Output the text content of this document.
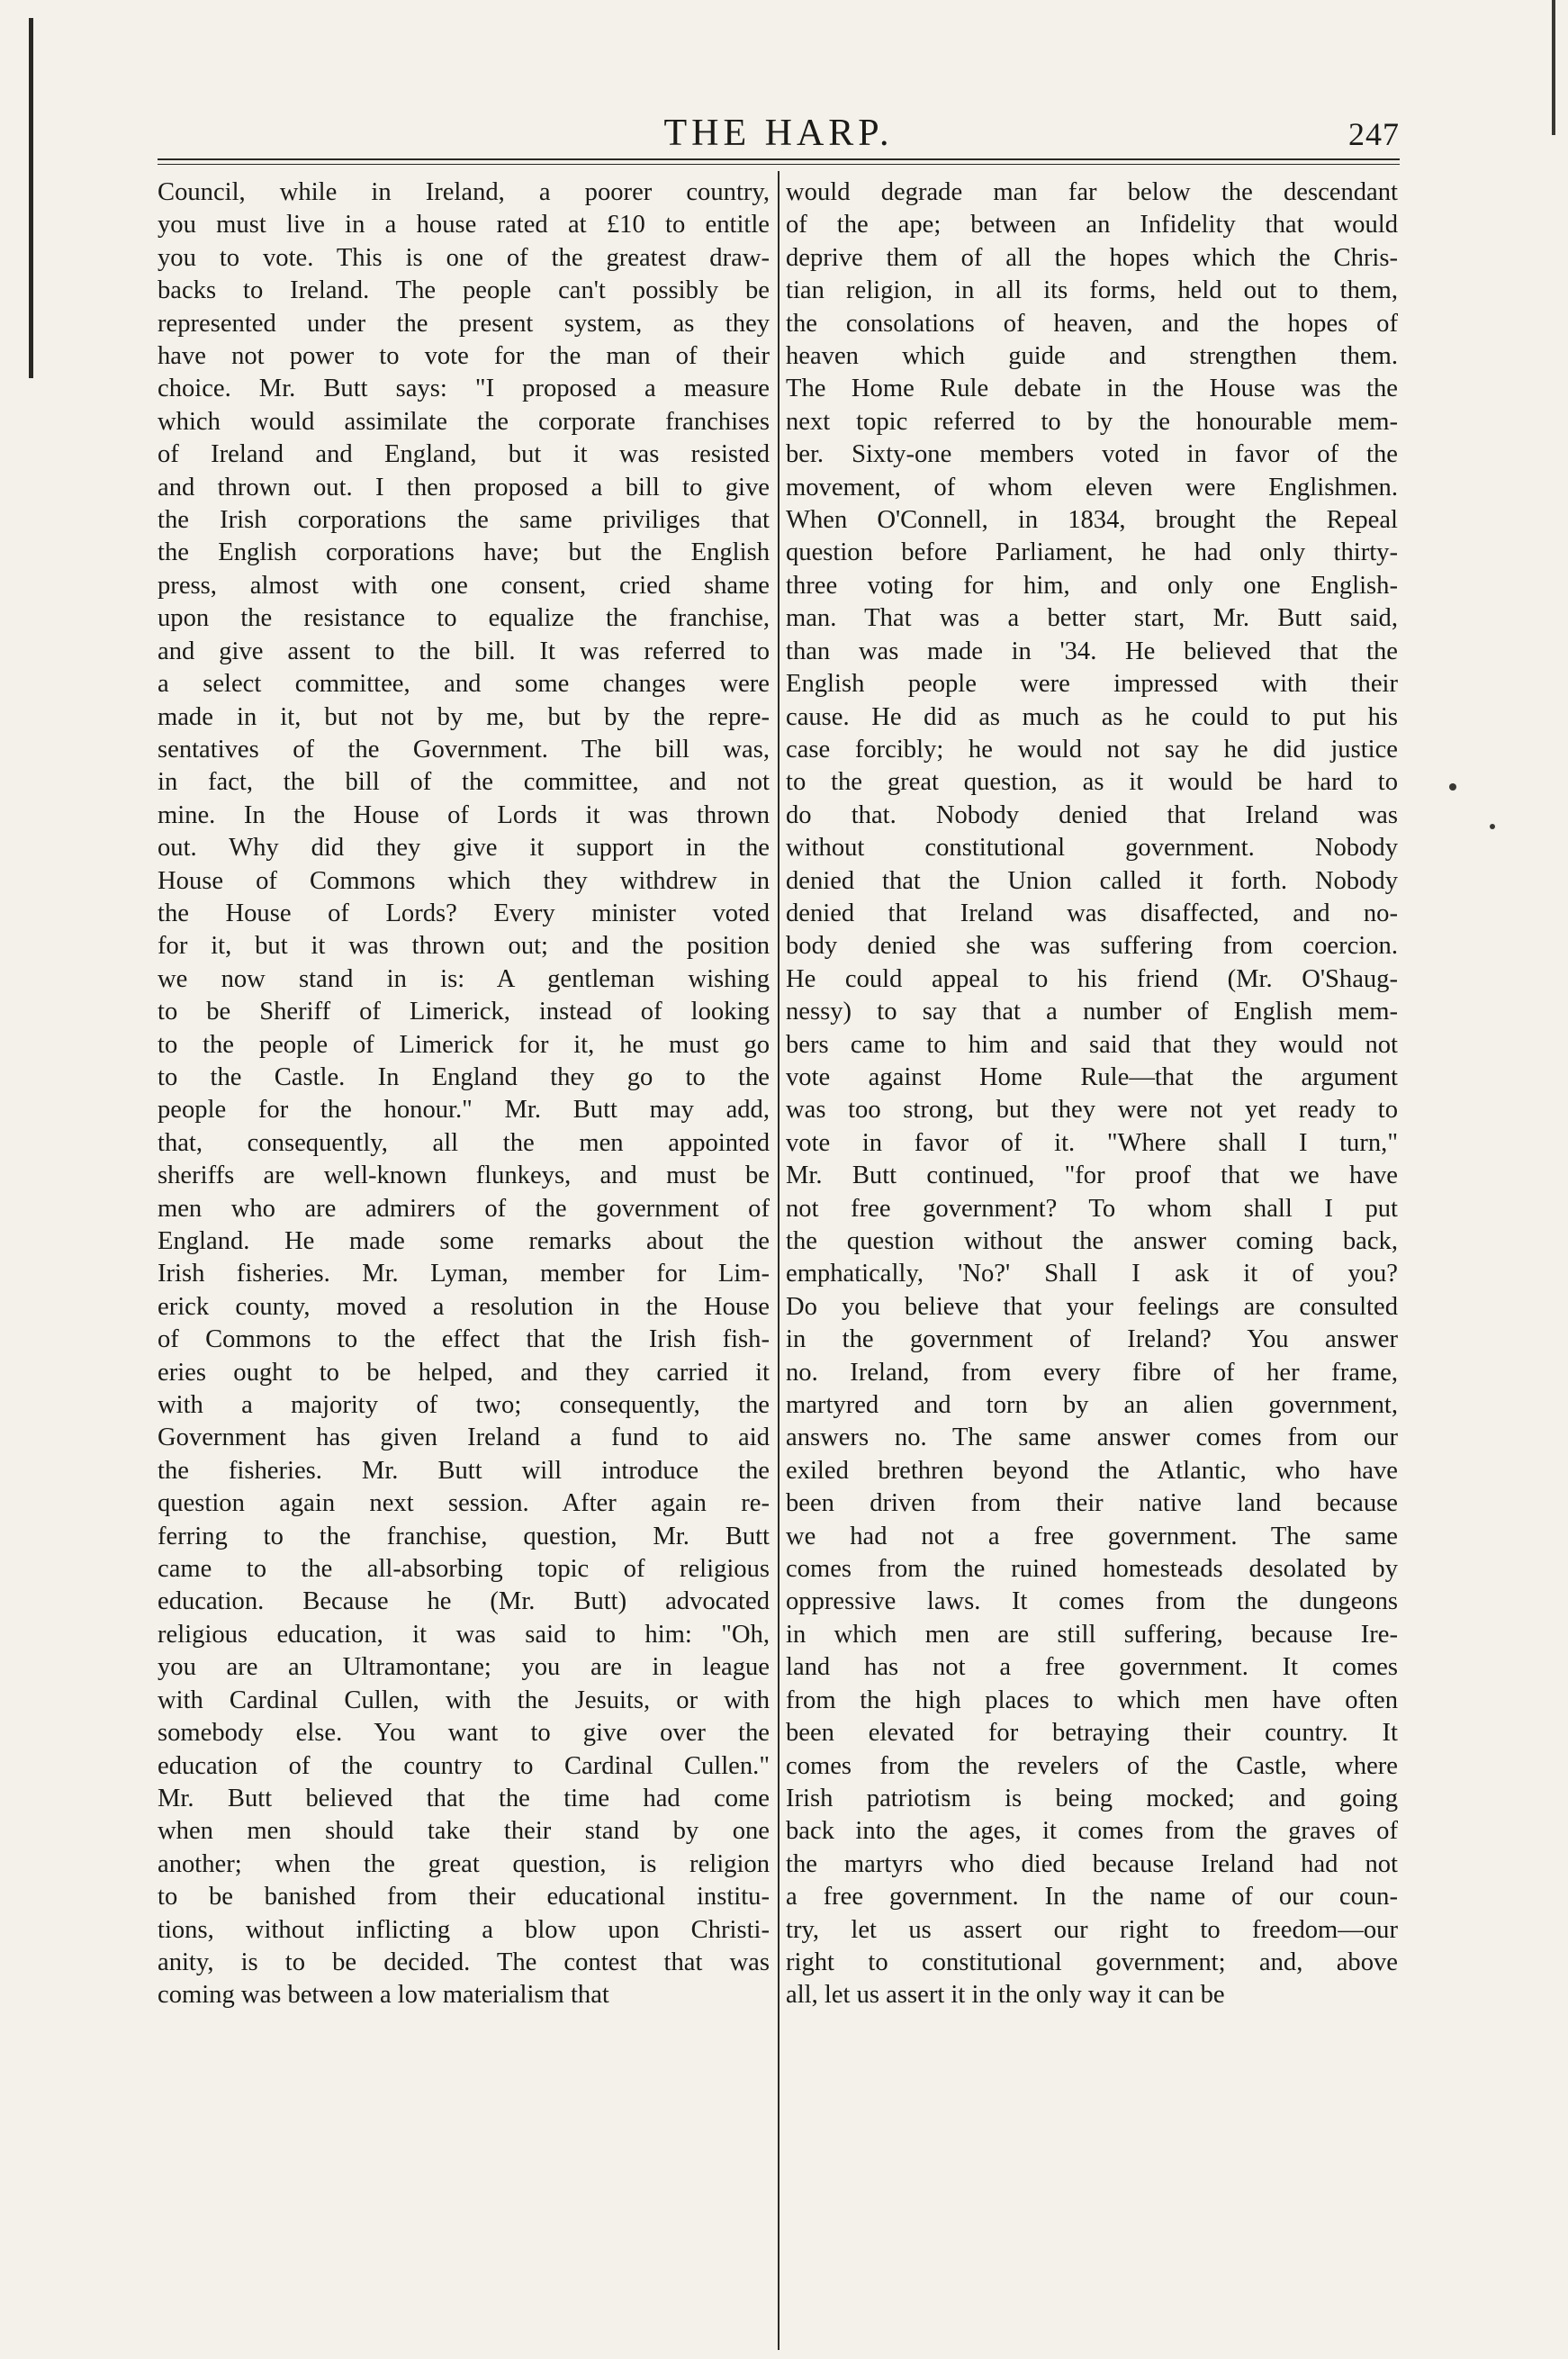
THE HARP.	247
Council, while in Ireland, a poorer country,
you must live in a house rated at £10 to entitle
you to vote. This is one of the greatest draw-
backs to Ireland. The people can't possibly be
represented under the present system, as they
have not power to vote for the man of their
choice. Mr. Butt says: "I proposed a measure
which would assimilate the corporate franchises
of Ireland and England, but it was resisted
and thrown out. I then proposed a bill to give
the Irish corporations the same priviliges that
the English corporations have; but the English
press, almost with one consent, cried shame
upon the resistance to equalize the franchise,
and give assent to the bill. It was referred to
a select committee, and some changes were
made in it, but not by me, but by the repre-
sentatives of the Government. The bill was,
in fact, the bill of the committee, and not
mine. In the House of Lords it was thrown
out. Why did they give it support in the
House of Commons which they withdrew in
the House of Lords? Every minister voted
for it, but it was thrown out; and the position
we now stand in is: A gentleman wishing
to be Sheriff of Limerick, instead of looking
to the people of Limerick for it, he must go
to the Castle. In England they go to the
people for the honour." Mr. Butt may add,
that, consequently, all the men appointed
sheriffs are well-known flunkeys, and must be
men who are admirers of the government of
England. He made some remarks about the
Irish fisheries. Mr. Lyman, member for Lim-
erick county, moved a resolution in the House
of Commons to the effect that the Irish fish-
eries ought to be helped, and they carried it
with a majority of two; consequently, the
Government has given Ireland a fund to aid
the fisheries. Mr. Butt will introduce the
question again next session. After again re-
ferring to the franchise, question, Mr. Butt
came to the all-absorbing topic of religious
education. Because he (Mr. Butt) advocated
religious education, it was said to him: "Oh,
you are an Ultramontane; you are in league
with Cardinal Cullen, with the Jesuits, or with
somebody else. You want to give over the
education of the country to Cardinal Cullen."
Mr. Butt believed that the time had come
when men should take their stand by one
another; when the great question, is religion
to be banished from their educational institu-
tions, without inflicting a blow upon Christi-
anity, is to be decided. The contest that was
coming was between a low materialism that
would degrade man far below the descendant
of the ape; between an Infidelity that would
deprive them of all the hopes which the Chris-
tian religion, in all its forms, held out to them,
the consolations of heaven, and the hopes of
heaven which guide and strengthen them.
The Home Rule debate in the House was the
next topic referred to by the honourable mem-
ber. Sixty-one members voted in favor of the
movement, of whom eleven were Englishmen.
When O'Connell, in 1834, brought the Repeal
question before Parliament, he had only thirty-
three voting for him, and only one English-
man. That was a better start, Mr. Butt said,
than was made in '34. He believed that the
English people were impressed with their
cause. He did as much as he could to put his
case forcibly; he would not say he did justice
to the great question, as it would be hard to
do that. Nobody denied that Ireland was
without constitutional government. Nobody
denied that the Union called it forth. Nobody
denied that Ireland was disaffected, and no-
body denied she was suffering from coercion.
He could appeal to his friend (Mr. O'Shaug-
nessy) to say that a number of English mem-
bers came to him and said that they would not
vote against Home Rule—that the argument
was too strong, but they were not yet ready to
vote in favor of it. "Where shall I turn,"
Mr. Butt continued, "for proof that we have
not free government? To whom shall I put
the question without the answer coming back,
emphatically, 'No?' Shall I ask it of you?
Do you believe that your feelings are consulted
in the government of Ireland? You answer
no. Ireland, from every fibre of her frame,
martyred and torn by an alien government,
answers no. The same answer comes from our
exiled brethren beyond the Atlantic, who have
been driven from their native land because
we had not a free government. The same
comes from the ruined homesteads desolated by
oppressive laws. It comes from the dungeons
in which men are still suffering, because Ire-
land has not a free government. It comes
from the high places to which men have often
been elevated for betraying their country. It
comes from the revelers of the Castle, where
Irish patriotism is being mocked; and going
back into the ages, it comes from the graves of
the martyrs who died because Ireland had not
a free government. In the name of our coun-
try, let us assert our right to freedom—our
right to constitutional government; and, above
all, let us assert it in the only way it can be
